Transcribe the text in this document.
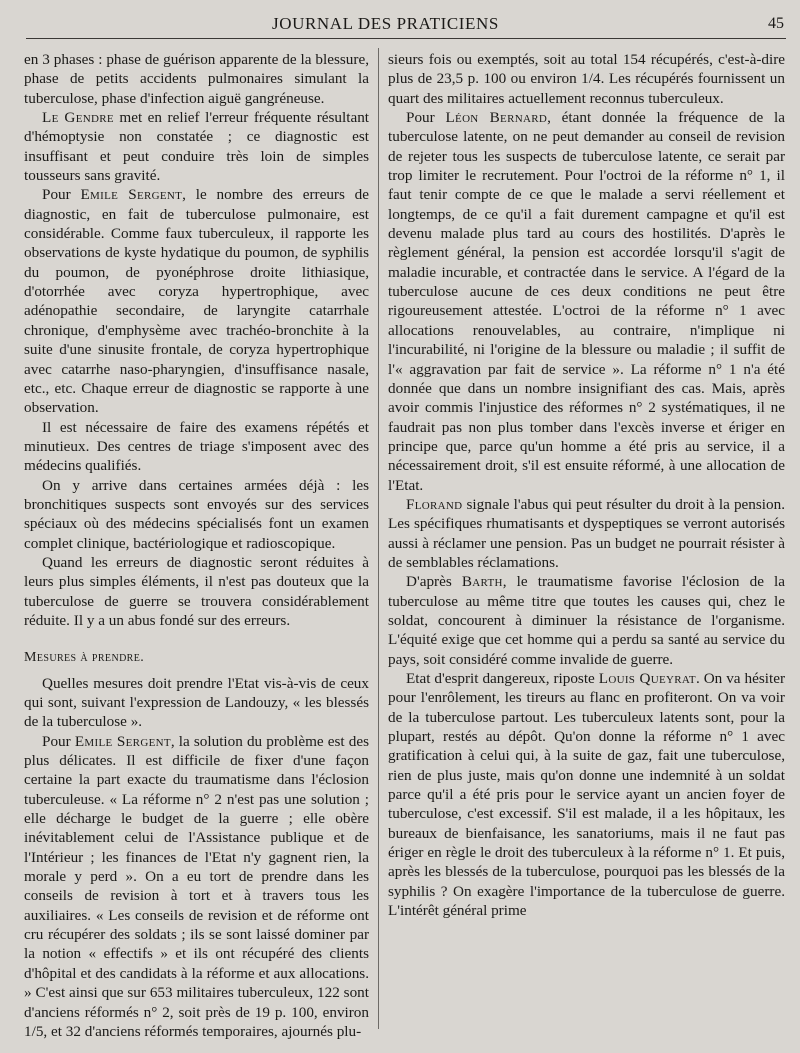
JOURNAL DES PRATICIENS	45

en 3 phases : phase de guérison apparente de la blessure, phase de petits accidents pulmonaires simulant la tuberculose, phase d'infection aiguë gangréneuse.

Le Gendre met en relief l'erreur fréquente résultant d'hémoptysie non constatée ; ce diagnostic est insuffisant et peut conduire très loin de simples tousseurs sans gravité.

Pour Emile Sergent, le nombre des erreurs de diagnostic, en fait de tuberculose pulmonaire, est considérable. Comme faux tuberculeux, il rapporte les observations de kyste hydatique du poumon, de syphilis du poumon, de pyonéphrose droite lithiasique, d'otorrhée avec coryza hypertrophique, avec adénopathie secondaire, de laryngite catarrhale chronique, d'emphysème avec trachéo-bronchite à la suite d'une sinusite frontale, de coryza hypertrophique avec catarrhe naso-pharyngien, d'insuffisance nasale, etc., etc. Chaque erreur de diagnostic se rapporte à une observation.

Il est nécessaire de faire des examens répétés et minutieux. Des centres de triage s'imposent avec des médecins qualifiés.

On y arrive dans certaines armées déjà : les bronchitiques suspects sont envoyés sur des services spéciaux où des médecins spécialisés font un examen complet clinique, bactériologique et radioscopique.

Quand les erreurs de diagnostic seront réduites à leurs plus simples éléments, il n'est pas douteux que la tuberculose de guerre se trouvera considérablement réduite. Il y a un abus fondé sur des erreurs.

Mesures à prendre.

Quelles mesures doit prendre l'Etat vis-à-vis de ceux qui sont, suivant l'expression de Landouzy, « les blessés de la tuberculose ».

Pour Emile Sergent, la solution du problème est des plus délicates. Il est difficile de fixer d'une façon certaine la part exacte du traumatisme dans l'éclosion tuberculeuse. « La réforme n° 2 n'est pas une solution ; elle décharge le budget de la guerre ; elle obère inévitablement celui de l'Assistance publique et de l'Intérieur ; les finances de l'Etat n'y gagnent rien, la morale y perd ». On a eu tort de prendre dans les conseils de revision à tort et à travers tous les auxiliaires. « Les conseils de revision et de réforme ont cru récupérer des soldats ; ils se sont laissé dominer par la notion « effectifs » et ils ont récupéré des clients d'hôpital et des candidats à la réforme et aux allocations. » C'est ainsi que sur 653 militaires tuberculeux, 122 sont d'anciens réformés n° 2, soit près de 19 p. 100, environ 1/5, et 32 d'anciens réformés temporaires, ajournés plu-

sieurs fois ou exemptés, soit au total 154 récupérés, c'est-à-dire plus de 23,5 p. 100 ou environ 1/4. Les récupérés fournissent un quart des militaires actuellement reconnus tuberculeux.

Pour Léon Bernard, étant donnée la fréquence de la tuberculose latente, on ne peut demander au conseil de revision de rejeter tous les suspects de tuberculose latente, ce serait par trop limiter le recrutement. Pour l'octroi de la réforme n° 1, il faut tenir compte de ce que le malade a servi réellement et longtemps, de ce qu'il a fait durement campagne et qu'il est devenu malade plus tard au cours des hostilités. D'après le règlement général, la pension est accordée lorsqu'il s'agit de maladie incurable, et contractée dans le service. A l'égard de la tuberculose aucune de ces deux conditions ne peut être rigoureusement attestée. L'octroi de la réforme n° 1 avec allocations renouvelables, au contraire, n'implique ni l'incurabilité, ni l'origine de la blessure ou maladie ; il suffit de l'« aggravation par fait de service ». La réforme n° 1 n'a été donnée que dans un nombre insignifiant des cas. Mais, après avoir commis l'injustice des réformes n° 2 systématiques, il ne faudrait pas non plus tomber dans l'excès inverse et ériger en principe que, parce qu'un homme a été pris au service, il a nécessairement droit, s'il est ensuite réformé, à une allocation de l'Etat.

Florand signale l'abus qui peut résulter du droit à la pension. Les spécifiques rhumatisants et dyspeptiques se verront autorisés aussi à réclamer une pension. Pas un budget ne pourrait résister à de semblables réclamations.

D'après Barth, le traumatisme favorise l'éclosion de la tuberculose au même titre que toutes les causes qui, chez le soldat, concourent à diminuer la résistance de l'organisme. L'équité exige que cet homme qui a perdu sa santé au service du pays, soit considéré comme invalide de guerre.

Etat d'esprit dangereux, riposte Louis Queyrat. On va hésiter pour l'enrôlement, les tireurs au flanc en profiteront. On va voir de la tuberculose partout. Les tuberculeux latents sont, pour la plupart, restés au dépôt. Qu'on donne la réforme n° 1 avec gratification à celui qui, à la suite de gaz, fait une tuberculose, rien de plus juste, mais qu'on donne une indemnité à un soldat parce qu'il a été pris pour le service ayant un ancien foyer de tuberculose, c'est excessif. S'il est malade, il a les hôpitaux, les bureaux de bienfaisance, les sanatoriums, mais il ne faut pas ériger en règle le droit des tuberculeux à la réforme n° 1. Et puis, après les blessés de la tuberculose, pourquoi pas les blessés de la syphilis ? On exagère l'importance de la tuberculose de guerre. L'intérêt général prime
